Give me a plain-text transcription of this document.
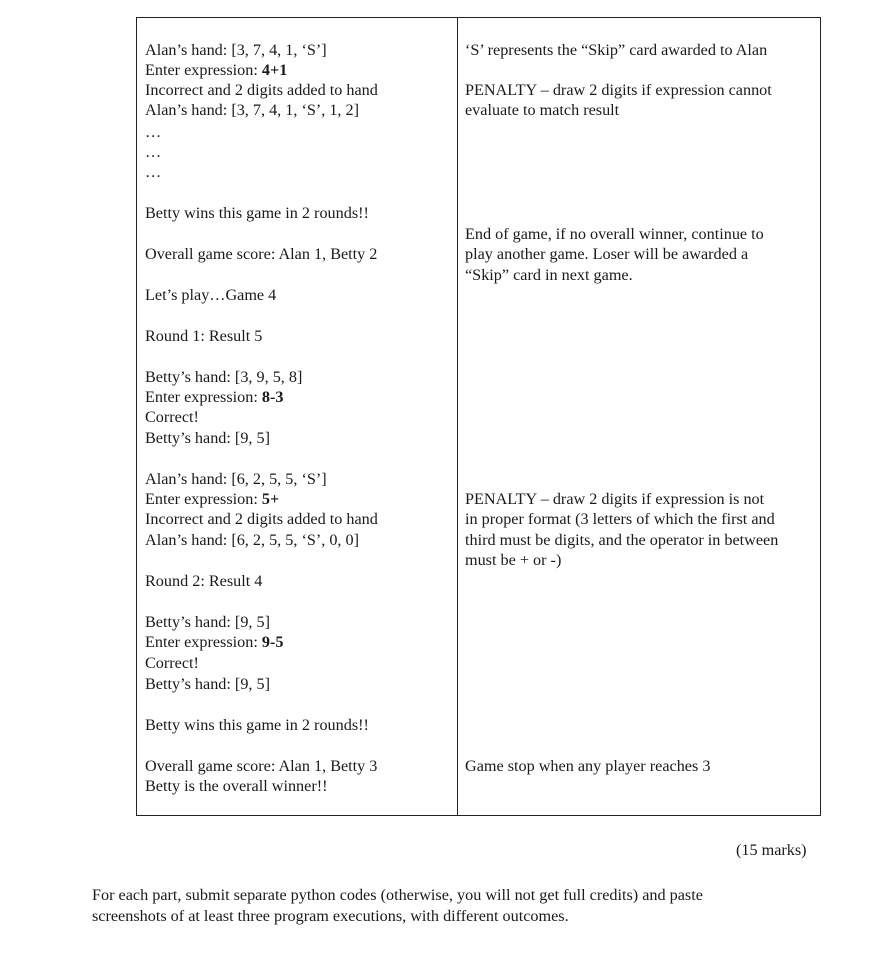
Alan’s hand: [3, 7, 4, 1, ‘S’]
Enter expression: 4+1
Incorrect and 2 digits added to hand
Alan’s hand: [3, 7, 4, 1, ‘S’, 1, 2]
…
…
…
Betty wins this game in 2 rounds!!
Overall game score: Alan 1, Betty 2
Let’s play…Game 4
Round 1: Result 5
Betty’s hand: [3, 9, 5, 8]
Enter expression: 8-3
Correct!
Betty’s hand: [9, 5]
Alan’s hand: [6, 2, 5, 5, ‘S’]
Enter expression: 5+
Incorrect and 2 digits added to hand
Alan’s hand: [6, 2, 5, 5, ‘S’, 0, 0]
Round 2: Result 4
Betty’s hand: [9, 5]
Enter expression: 9-5
Correct!
Betty’s hand: [9, 5]
Betty wins this game in 2 rounds!!
Overall game score: Alan 1, Betty 3
Betty is the overall winner!!
‘S’ represents the “Skip” card awarded to Alan
PENALTY – draw 2 digits if expression cannot
evaluate to match result
End of game, if no overall winner, continue to
play another game. Loser will be awarded a
“Skip” card in next game.
PENALTY – draw 2 digits if expression is not
in proper format (3 letters of which the first and
third must be digits, and the operator in between
must be + or -)
Game stop when any player reaches 3
(15 marks)
For each part, submit separate python codes (otherwise, you will not get full credits) and paste
screenshots of at least three program executions, with different outcomes.
